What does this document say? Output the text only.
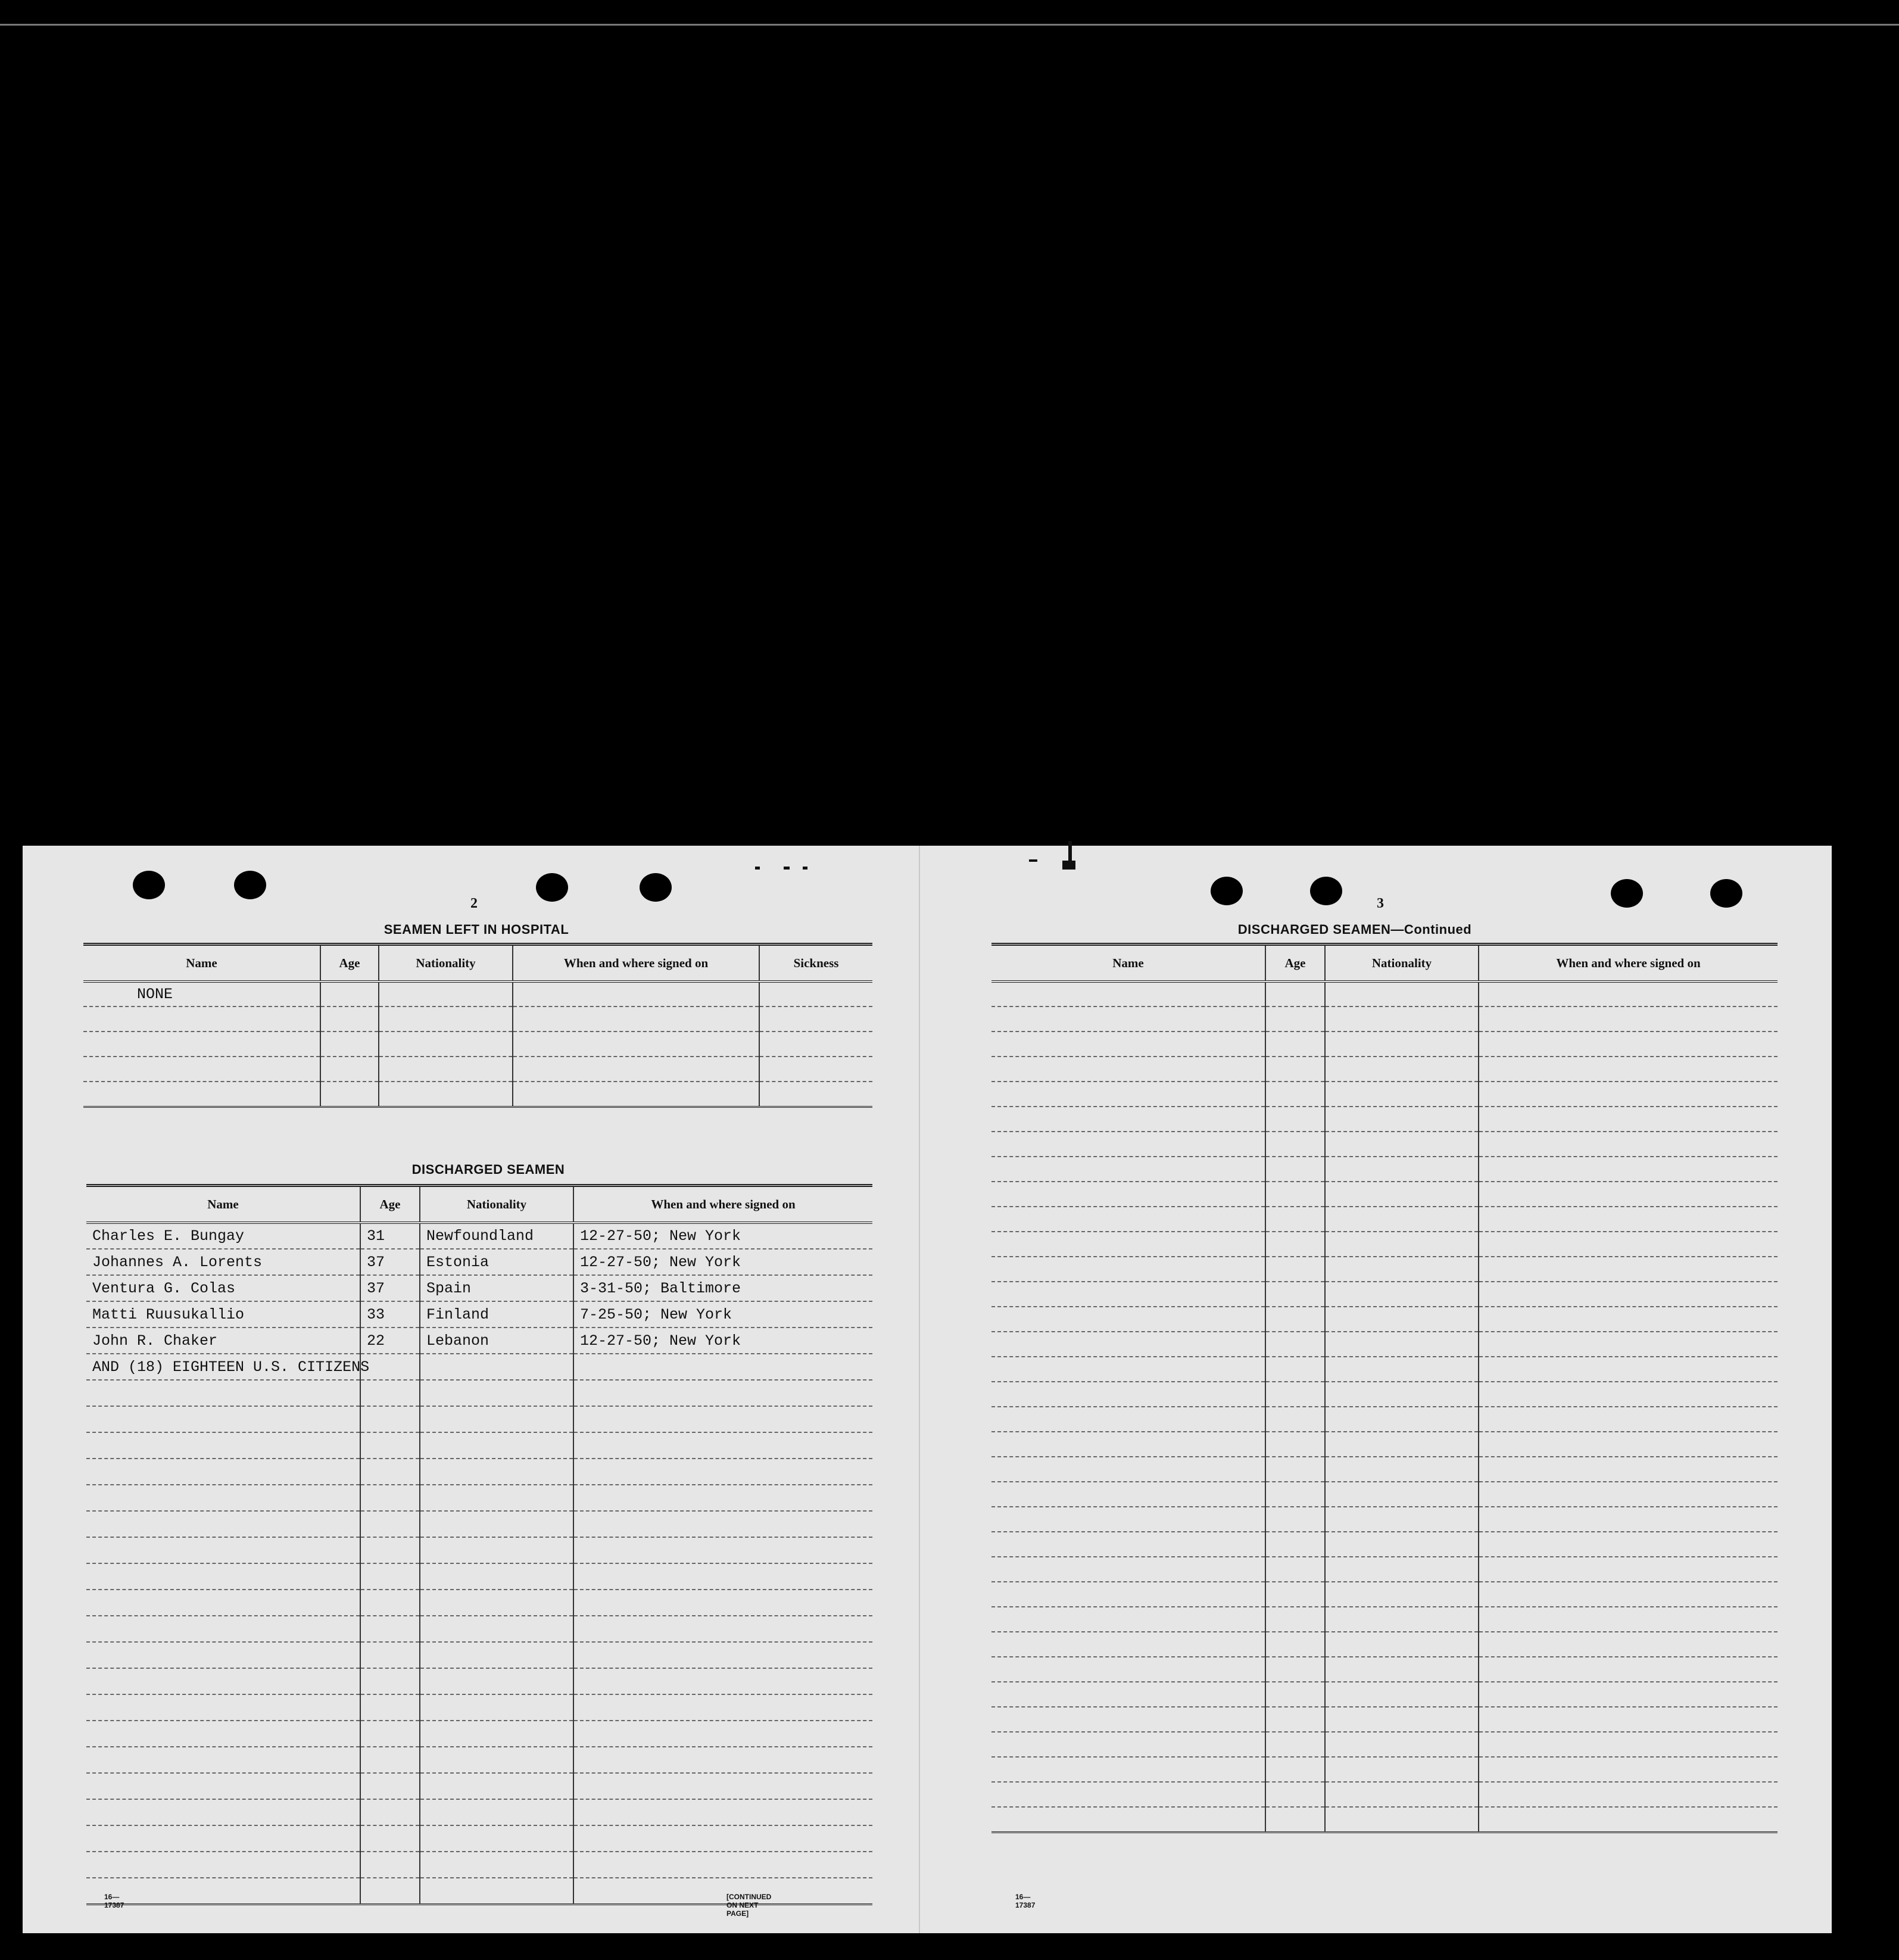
2
SEAMEN LEFT IN HOSPITAL
Name	Age	Nationality	When and where signed on	Sickness
NONE				

DISCHARGED SEAMEN
Name	Age	Nationality	When and where signed on
Charles E. Bungay	31	Newfoundland	12-27-50; New York
Johannes A. Lorents	37	Estonia	12-27-50; New York
Ventura G. Colas	37	Spain	3-31-50; Baltimore
Matti Ruusukallio	33	Finland	7-25-50; New York
John R. Chaker	22	Lebanon	12-27-50; New York
AND (18) EIGHTEEN U.S. CITIZENS			

16—17387
[CONTINUED ON NEXT PAGE]
3
DISCHARGED SEAMEN—Continued
Name	Age	Nationality	When and where signed on

16—17387
